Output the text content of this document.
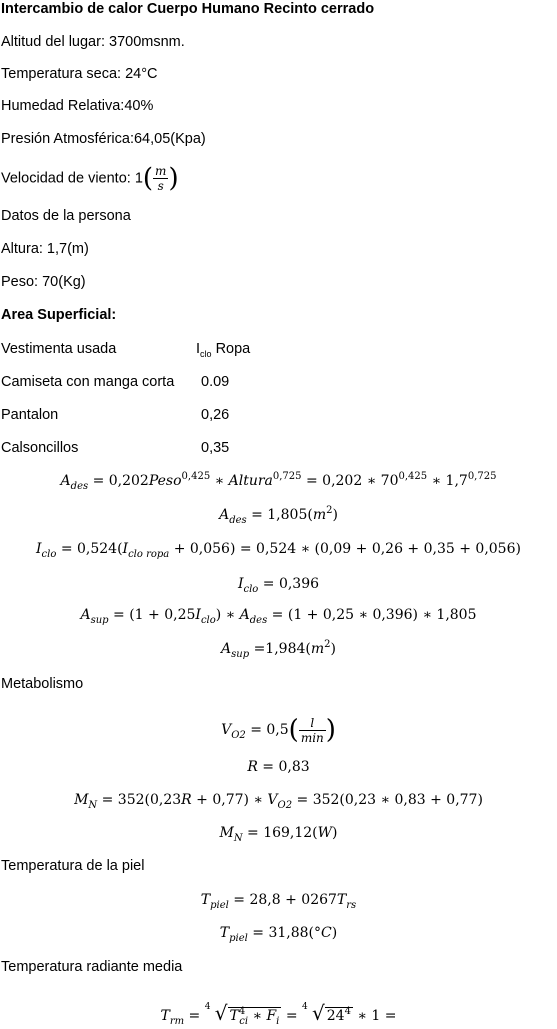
Intercambio de calor Cuerpo Humano Recinto cerrado
Altitud del lugar: 3700msnm.
Temperatura seca: 24°C
Humedad Relativa:40%
Presión Atmosférica:64,05(Kpa)
Velocidad de viento: $1( \frac{m}{s}$ )
Datos de la persona
Altura: 1,7(m)
Peso: 70(Kg)
Area Superficial:
Vestimenta usada	$I_{clo}$ Ropa
Camiseta con manga corta 0.09
Pantalon	0,26
Calsoncillos	0,35
$A_{des}$ = 0,202Peso$^{0,425}$ ∗ Altura$^{0,725}$ = 0,202 ∗ 70$^{0,425}$ ∗ 1,7$^{0,725}$
$A_{des} = 1,805(m^2)$
$I_{clo} = 0,524(I_{clo ropa} + 0,056) = 0,524$ ∗ (0,09 + 0,26 + 0,35 + 0,056)
$I_{clo} = 0,396$
$A_{sup} = (1 + 0,25I_{clo})$ ∗ $A_{des} = (1 + 0,25$ ∗ 0,396) ∗ 1,805
$A_{sup} =1,984(m^2)$
Metabolismo
$V_{O2} = 0,5( \frac{l}{\min}$ )
R = 0,83
$M_N = 352(0,23R + 0,77)$ ∗ $V_{O2} = 352(0,23$ ∗ 0,83 + 0,77)
$M_N = 169,12(W)$
Temperatura de la piel
$T_{piel} = 28,8 + 0267T_{rs}$
$T_{piel} = 31,88(^\circ C)$
Temperatura radiante media
$T_{rm}$ =
4 √ $T^4_{ci}$ ∗ $F_i$ =
4 √ $24^4$ ∗ 1 =
